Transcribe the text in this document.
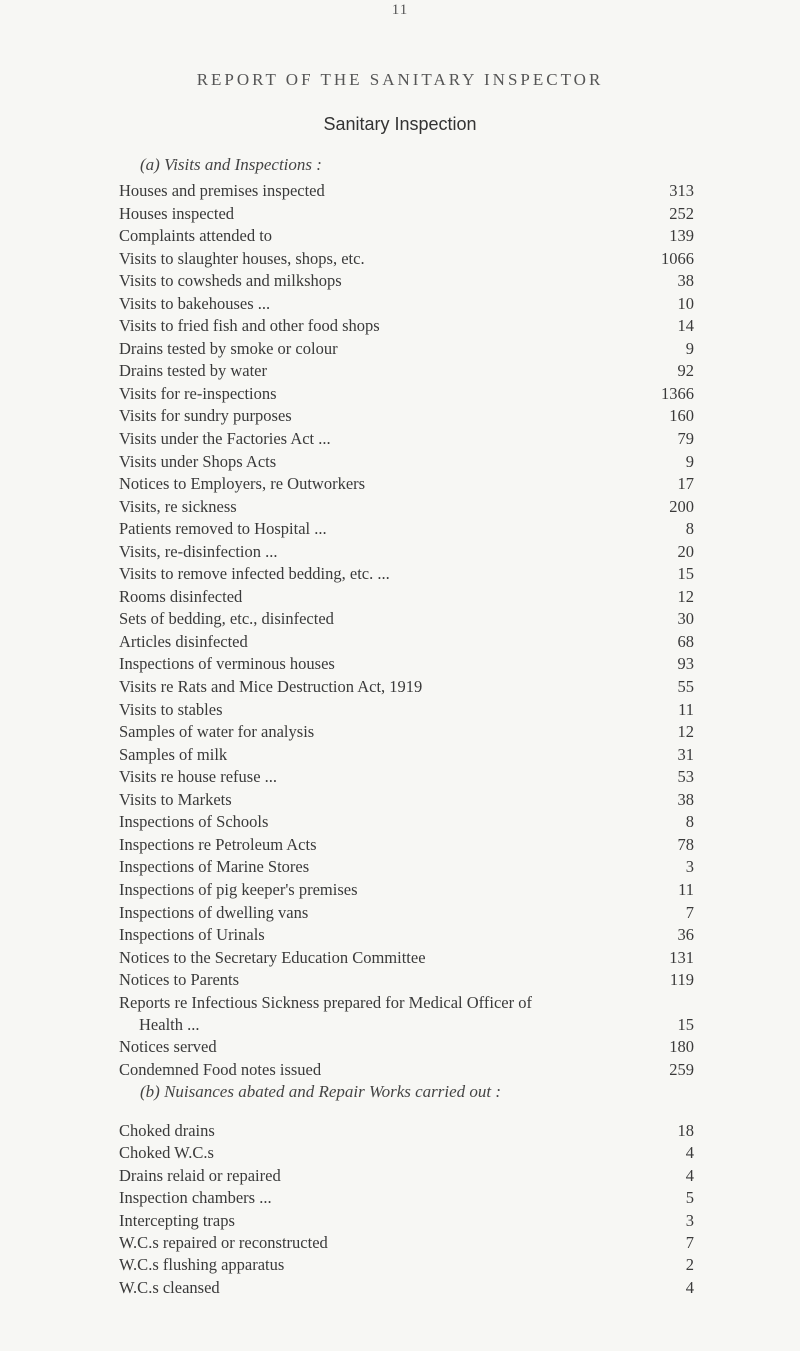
11
REPORT OF THE SANITARY INSPECTOR
Sanitary Inspection
(a) Visits and Inspections :
Houses and premises inspected	313
Houses inspected	252
Complaints attended to	139
Visits to slaughter houses, shops, etc.	1066
Visits to cowsheds and milkshops	38
Visits to bakehouses ...	10
Visits to fried fish and other food shops	14
Drains tested by smoke or colour	9
Drains tested by water	92
Visits for re-inspections	1366
Visits for sundry purposes	160
Visits under the Factories Act ...	79
Visits under Shops Acts	9
Notices to Employers, re Outworkers	17
Visits, re sickness	200
Patients removed to Hospital ...	8
Visits, re-disinfection ...	20
Visits to remove infected bedding, etc. ...	15
Rooms disinfected	12
Sets of bedding, etc., disinfected	30
Articles disinfected	68
Inspections of verminous houses	93
Visits re Rats and Mice Destruction Act, 1919	55
Visits to stables	11
Samples of water for analysis	12
Samples of milk	31
Visits re house refuse ...	53
Visits to Markets	38
Inspections of Schools	8
Inspections re Petroleum Acts	78
Inspections of Marine Stores	3
Inspections of pig keeper's premises	11
Inspections of dwelling vans	7
Inspections of Urinals	36
Notices to the Secretary Education Committee	131
Notices to Parents	119
Reports re Infectious Sickness prepared for Medical Officer of
Health ...	15
Notices served	180
Condemned Food notes issued	259
(b) Nuisances abated and Repair Works carried out :
Choked drains	18
Choked W.C.s	4
Drains relaid or repaired	4
Inspection chambers ...	5
Intercepting traps	3
W.C.s repaired or reconstructed	7
W.C.s flushing apparatus	2
W.C.s cleansed	4
